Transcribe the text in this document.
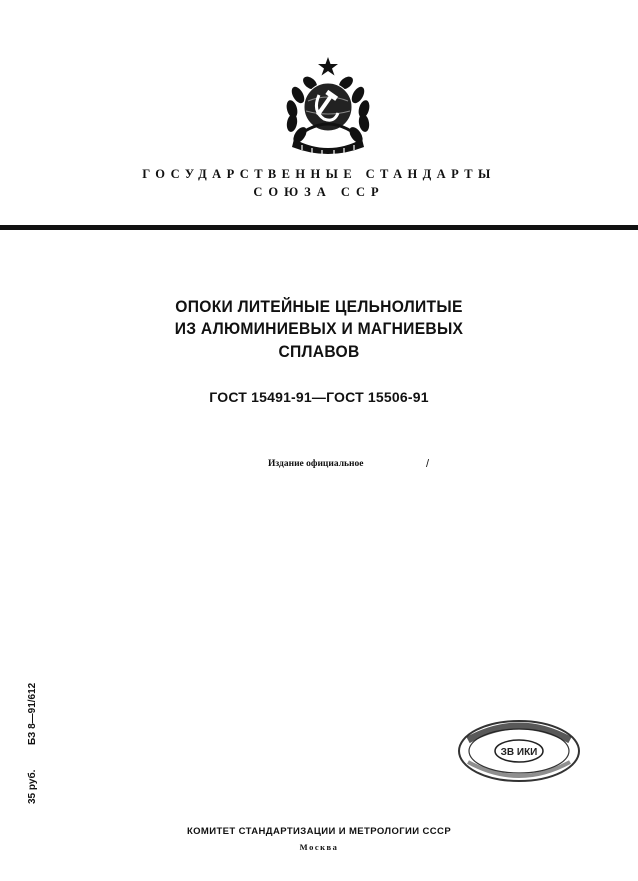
ГОСУДАРСТВЕННЫЕ СТАНДАРТЫ
СОЮЗА ССР
ОПОКИ ЛИТЕЙНЫЕ ЦЕЛЬНОЛИТЫЕ
ИЗ АЛЮМИНИЕВЫХ И МАГНИЕВЫХ
СПЛАВОВ
ГОСТ 15491-91—ГОСТ 15506-91
Издание официальное	/
35 руб.
БЗ 8—91/612
ЗВ ИКИ
КОМИТЕТ СТАНДАРТИЗАЦИИ И МЕТРОЛОГИИ СССР
Москва
